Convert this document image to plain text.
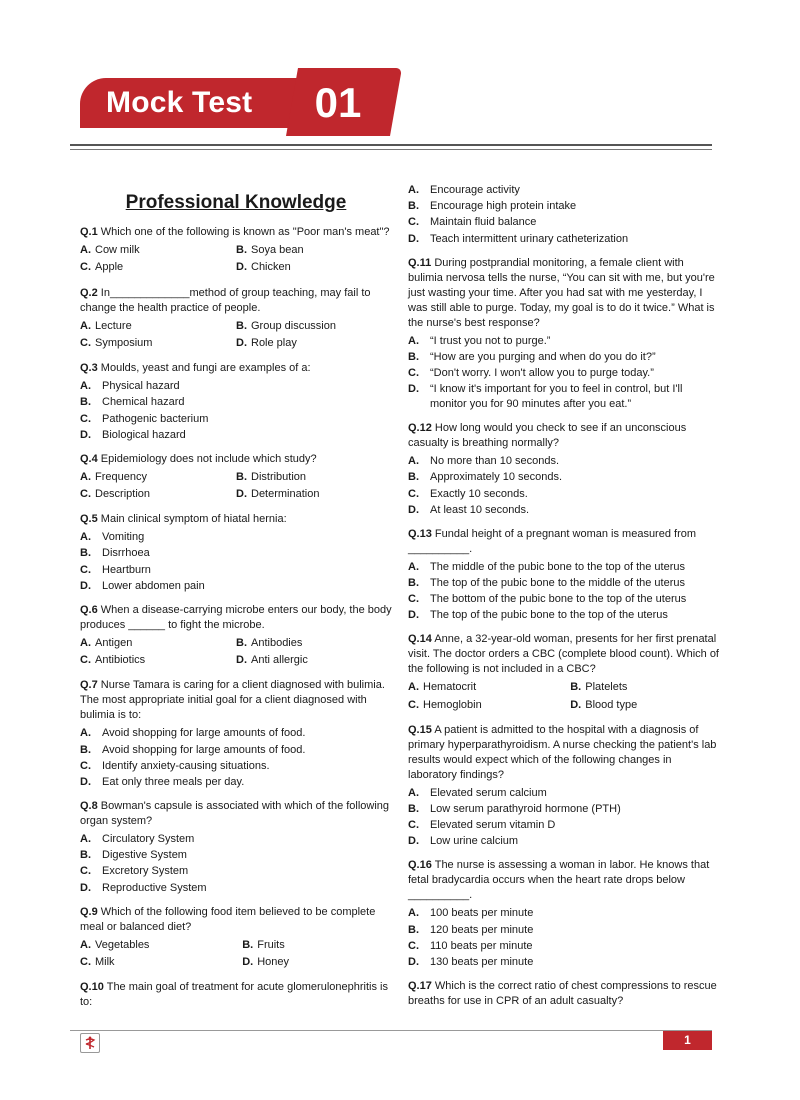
Mock Test	01
Professional Knowledge
Q.1 Which one of the following is known as "Poor man's meat"?
A. Cow milk	B. Soya bean
C. Apple	D. Chicken
Q.2 In_____________method of group teaching, may fail to change the health practice of people.
A. Lecture	B. Group discussion
C. Symposium	D. Role play
Q.3 Moulds, yeast and fungi are examples of a:
A.	Physical hazard
B.	Chemical hazard
C.	Pathogenic bacterium
D.	Biological hazard
Q.4 Epidemiology does not include which study?
A. Frequency	B. Distribution
C. Description	D. Determination
Q.5 Main clinical symptom of hiatal hernia:
A.	Vomiting
B.	Disrrhoea
C.	Heartburn
D.	Lower abdomen pain
Q.6 When a disease-carrying microbe enters our body, the body produces ______ to fight the microbe.
A. Antigen	B. Antibodies
C. Antibiotics	D. Anti allergic
Q.7 Nurse Tamara is caring for a client diagnosed with bulimia. The most appropriate initial goal for a client diagnosed with bulimia is to:
A.	Avoid shopping for large amounts of food.
B.	Avoid shopping for large amounts of food.
C.	Identify anxiety-causing situations.
D.	Eat only three meals per day.
Q.8 Bowman's capsule is associated with which of the following organ system?
A.	Circulatory System
B.	Digestive System
C.	Excretory System
D.	Reproductive System
Q.9 Which of the following food item believed to be complete meal or balanced diet?
A. Vegetables	B. Fruits
C. Milk	D. Honey
Q.10 The main goal of treatment for acute glomerulonephritis is to:
A.	Encourage activity
B.	Encourage high protein intake
C.	Maintain fluid balance
D.	Teach intermittent urinary catheterization
Q.11 During postprandial monitoring, a female client with bulimia nervosa tells the nurse, “You can sit with me, but you're just wasting your time. After you had sat with me yesterday, I was still able to purge. Today, my goal is to do it twice.” What is the nurse's best response?
A.	“I trust you not to purge.”
B.	“How are you purging and when do you do it?”
C.	“Don't worry. I won't allow you to purge today.”
D.	“I know it's important for you to feel in control, but I'll monitor you for 90 minutes after you eat.”
Q.12 How long would you check to see if an unconscious casualty is breathing normally?
A.	No more than 10 seconds.
B.	Approximately 10 seconds.
C.	Exactly 10 seconds.
D.	At least 10 seconds.
Q.13 Fundal height of a pregnant woman is measured from __________.
A.	The middle of the pubic bone to the top of the uterus
B.	The top of the pubic bone to the middle of the uterus
C.	The bottom of the pubic bone to the top of the uterus
D.	The top of the pubic bone to the top of the uterus
Q.14 Anne, a 32-year-old woman, presents for her first prenatal visit. The doctor orders a CBC (complete blood count). Which of the following is not included in a CBC?
A. Hematocrit	B. Platelets
C. Hemoglobin	D. Blood type
Q.15 A patient is admitted to the hospital with a diagnosis of primary hyperparathyroidism. A nurse checking the patient's lab results would expect which of the following changes in laboratory findings?
A.	Elevated serum calcium
B.	Low serum parathyroid hormone (PTH)
C.	Elevated serum vitamin D
D.	Low urine calcium
Q.16 The nurse is assessing a woman in labor. He knows that fetal bradycardia occurs when the heart rate drops below __________.
A.	100 beats per minute
B.	120 beats per minute
C.	110 beats per minute
D.	130 beats per minute
Q.17 Which is the correct ratio of chest compressions to rescue breaths for use in CPR of an adult casualty?
1
